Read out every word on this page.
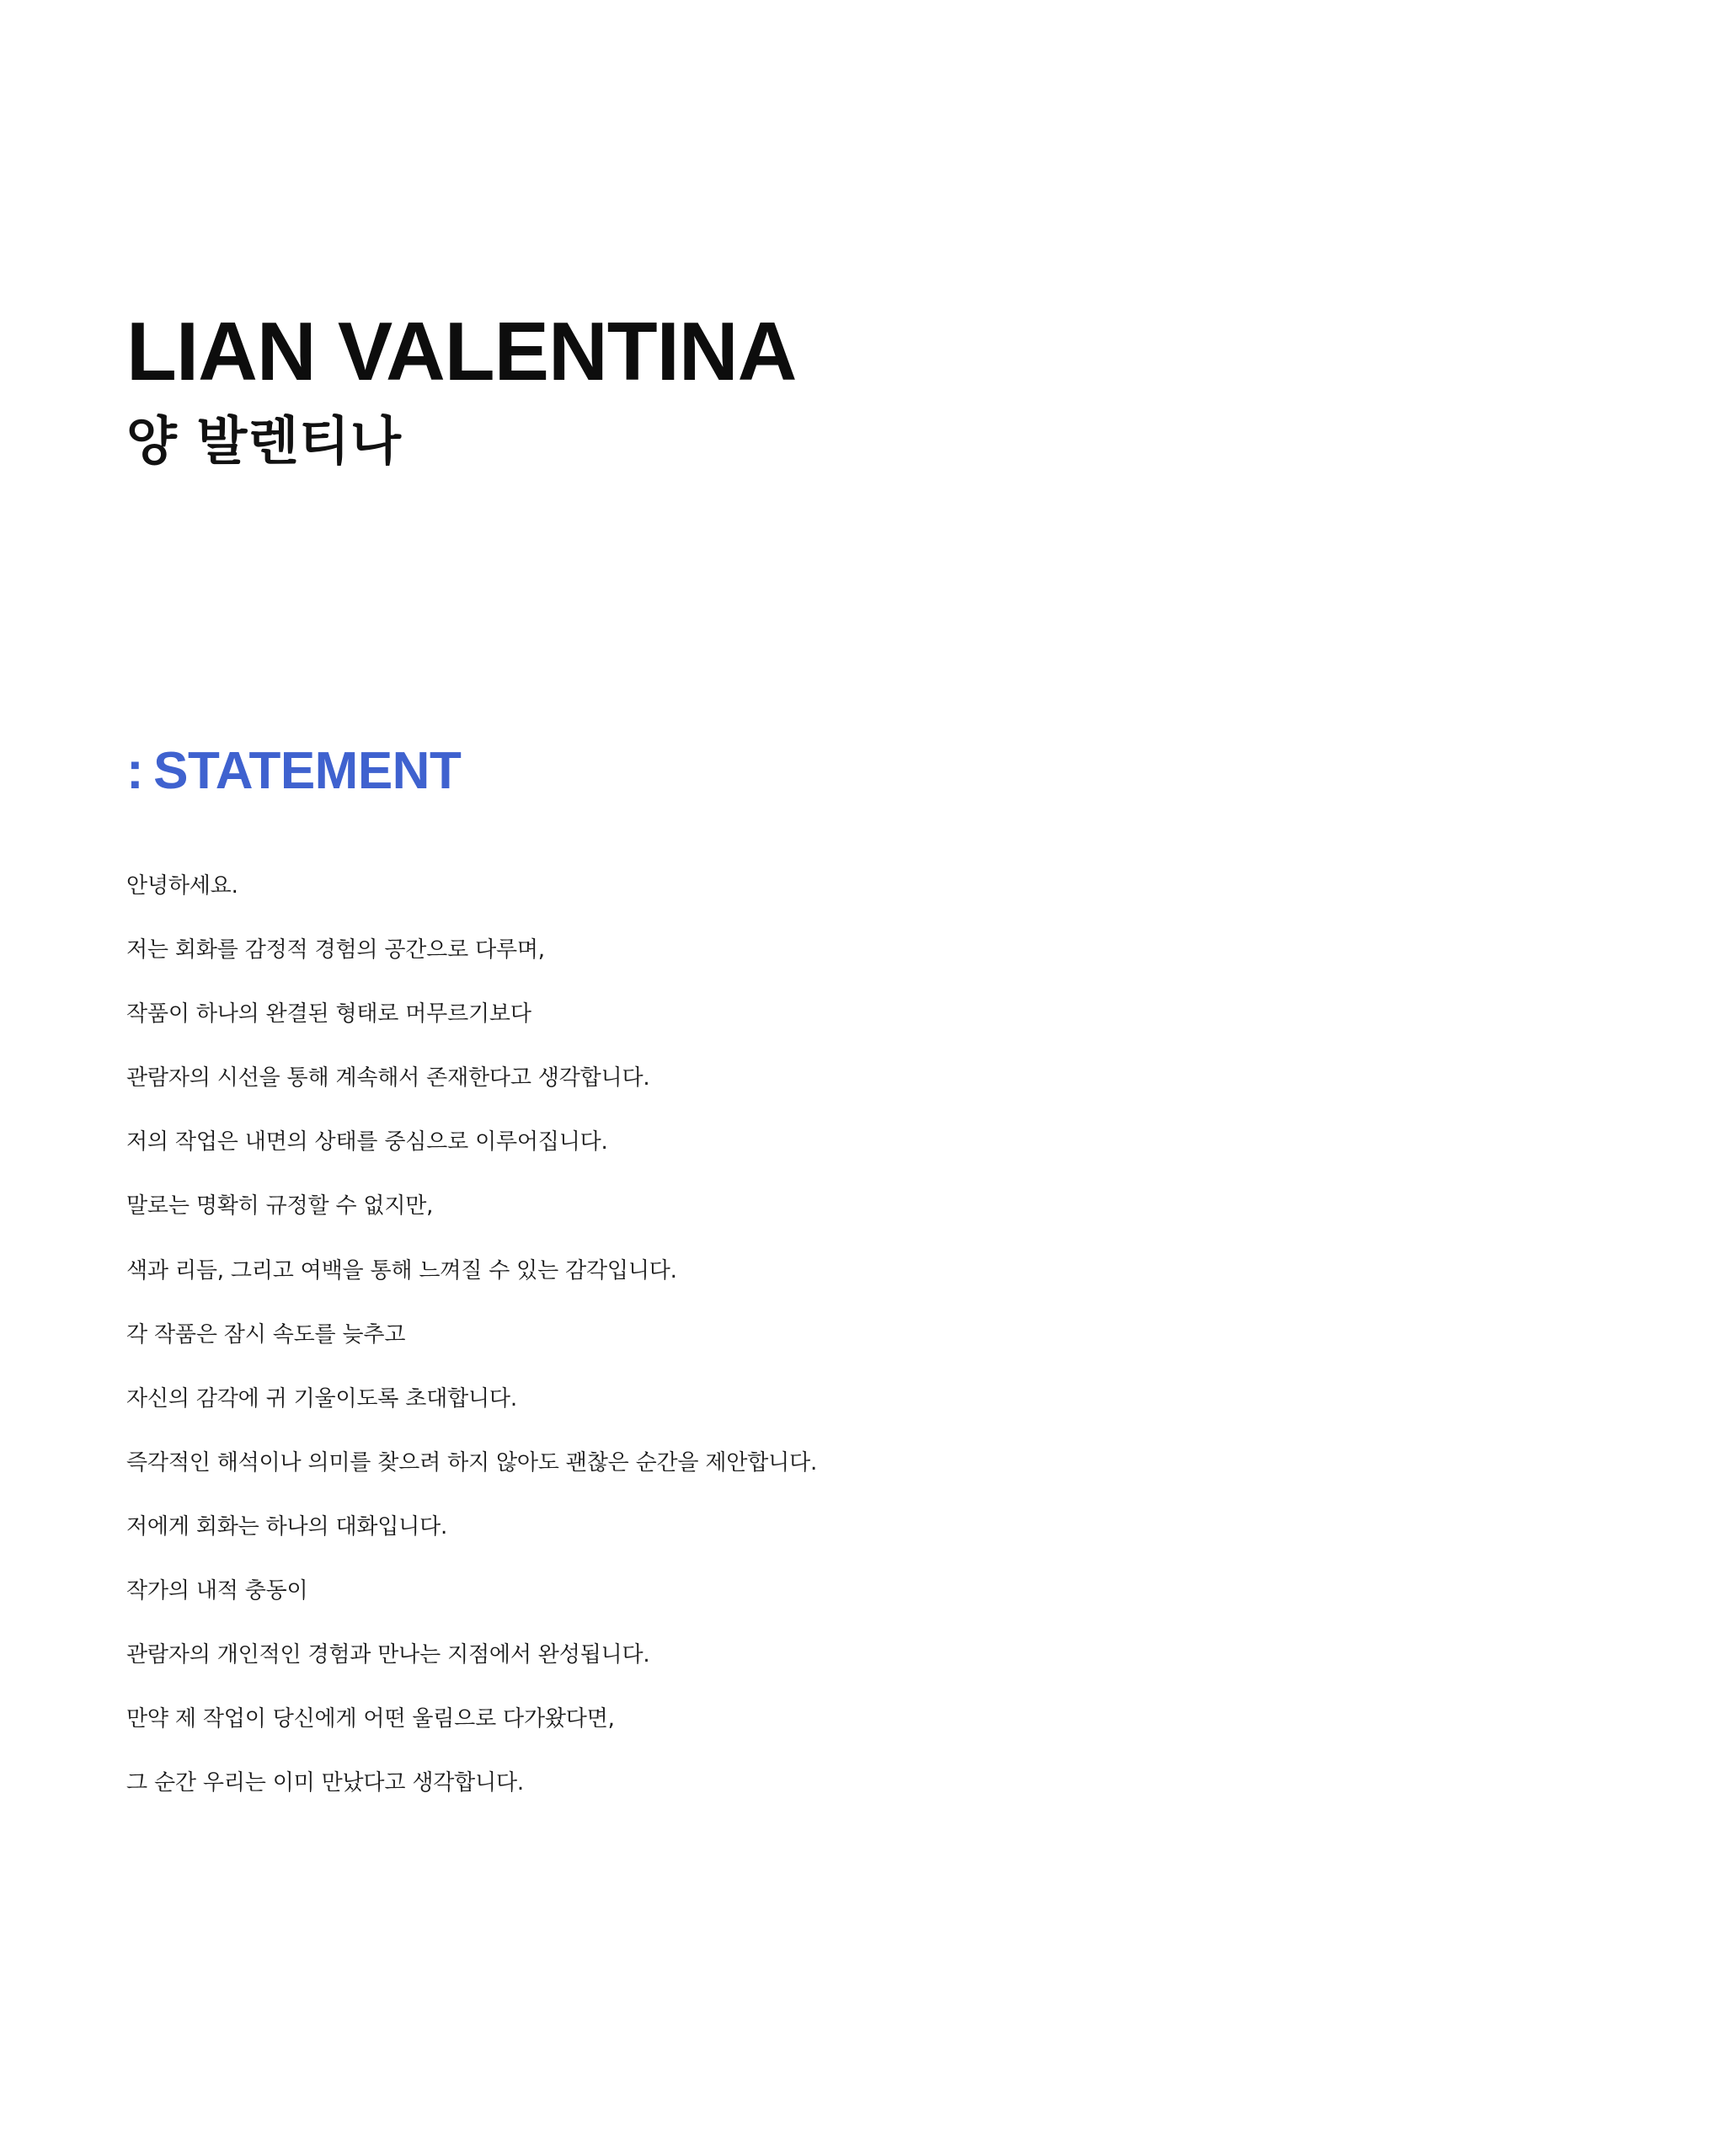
LIAN VALENTINA
양 발렌티나
: STATEMENT

안녕하세요.

저는 회화를 감정적 경험의 공간으로 다루며,

작품이 하나의 완결된 형태로 머무르기보다

관람자의 시선을 통해 계속해서 존재한다고 생각합니다.

저의 작업은 내면의 상태를 중심으로 이루어집니다.

말로는 명확히 규정할 수 없지만,

색과 리듬, 그리고 여백을 통해 느껴질 수 있는 감각입니다.

각 작품은 잠시 속도를 늦추고

자신의 감각에 귀 기울이도록 초대합니다.

즉각적인 해석이나 의미를 찾으려 하지 않아도 괜찮은 순간을 제안합니다.

저에게 회화는 하나의 대화입니다.

작가의 내적 충동이

관람자의 개인적인 경험과 만나는 지점에서 완성됩니다.

만약 제 작업이 당신에게 어떤 울림으로 다가왔다면,

그 순간 우리는 이미 만났다고 생각합니다.
